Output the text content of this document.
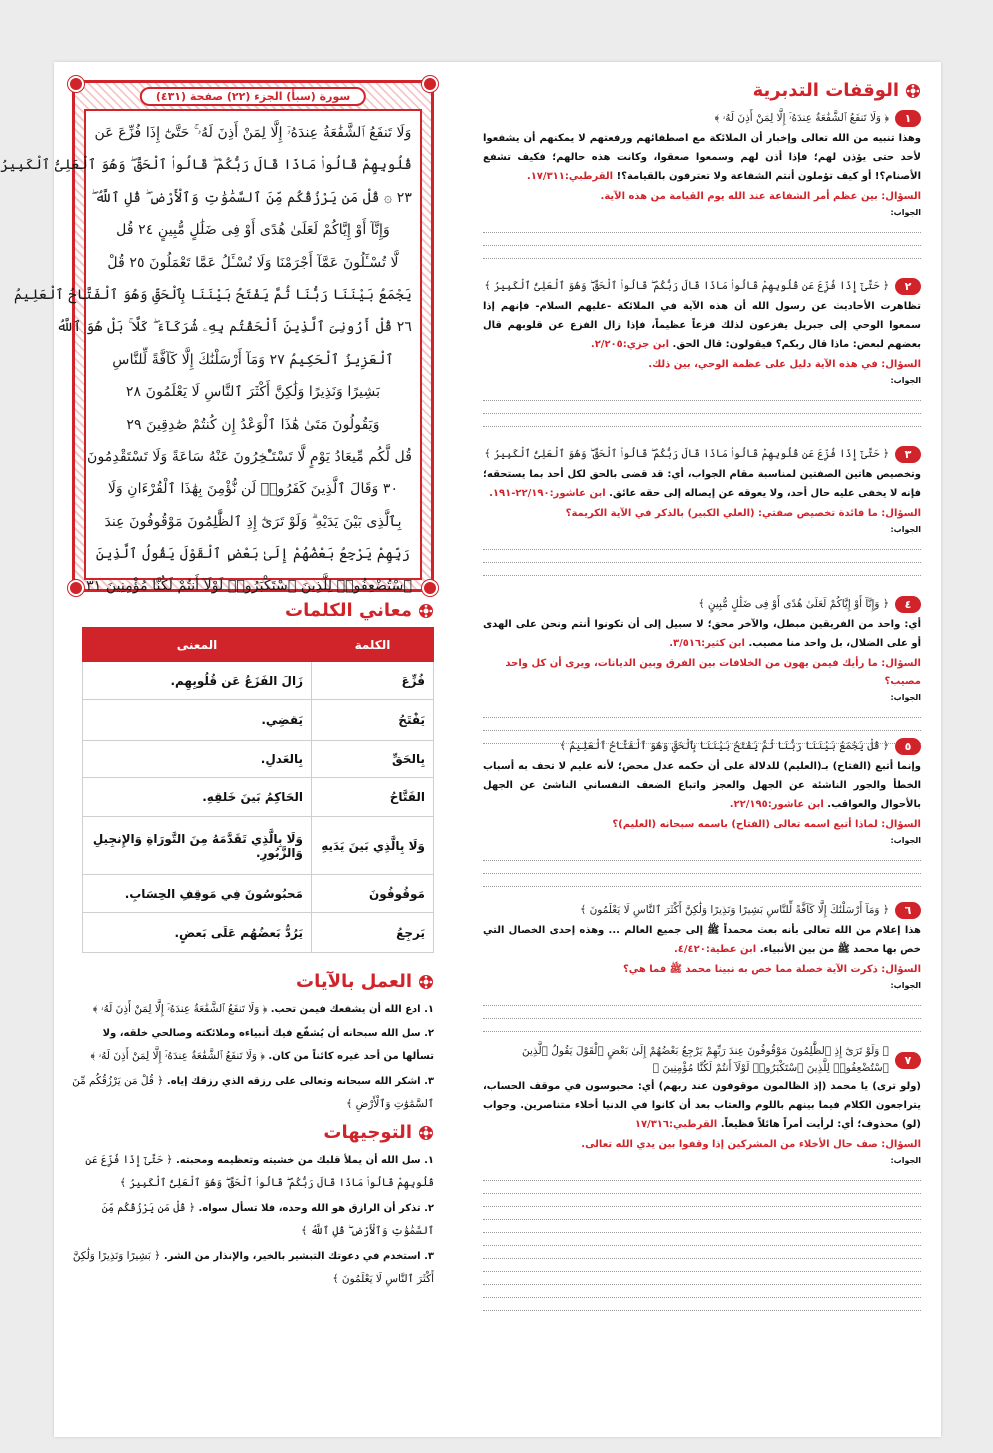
الوقفات التدبرية
١
﴿ وَلَا تَنفَعُ ٱلشَّفَٰعَةُ عِندَهُۥٓ إِلَّا لِمَنْ أَذِنَ لَهُۥ ﴾
وهذا تنبيه من الله تعالى وإخبار أن الملائكة مع اصطفائهم ورفعتهم لا يمكنهم أن يشفعوا لأحد حتى يؤذن لهم؛ فإذا أذن لهم وسمعوا صعقوا، وكانت هذه حالهم؛ فكيف تشفع الأصنام؟! أو كيف تؤملون أنتم الشفاعة ولا تعترفون بالقيامة؟! القرطبي:١٧/٣١١.
السؤال: بين عظم أمر الشفاعة عند الله يوم القيامة من هذه الآية.
الجواب:
٢
﴿ حَتَّىٰٓ إِذَا فُزِّعَ عَن قُلُوبِهِمْ قَالُوا۟ مَاذَا قَالَ رَبُّكُمْ ۖ قَالُوا۟ ٱلْحَقَّ ۖ وَهُوَ ٱلْعَلِىُّ ٱلْكَبِيرُ ﴾
تظاهرت الأحاديث عن رسول الله أن هذه الآية في الملائكة -عليهم السلام- فإنهم إذا سمعوا الوحي إلى جبريل يفزعون لذلك فزعاً عظيماً، فإذا زال الفزع عن قلوبهم قال بعضهم لبعض: ماذا قال ربكم؟ فيقولون: قال الحق. ابن جزي:٢/٢٠٥.
السؤال: في هذه الآية دليل على عظمة الوحي، بين ذلك.
الجواب:
٣
﴿ حَتَّىٰٓ إِذَا فُزِّعَ عَن قُلُوبِهِمْ قَالُوا۟ مَاذَا قَالَ رَبُّكُمْ ۖ قَالُوا۟ ٱلْحَقَّ ۖ وَهُوَ ٱلْعَلِىُّ ٱلْكَبِيرُ ﴾
وتخصيص هاتين الصفتين لمناسبة مقام الجواب، أي: قد قضى بالحق لكل أحد بما يستحقه؛ فإنه لا يخفى عليه حال أحد، ولا يعوقه عن إيصاله إلى حقه عائق. ابن عاشور:٢٢/١٩٠-١٩١.
السؤال: ما فائدة تخصيص صفتي: (العلي الكبير) بالذكر في الآية الكريمة؟
الجواب:
٤
﴿ وَإِنَّآ أَوْ إِيَّاكُمْ لَعَلَىٰ هُدًى أَوْ فِى ضَلَٰلٍ مُّبِينٍ ﴾
أي: واحد من الفريقين مبطل، والآخر محق؛ لا سبيل إلى أن تكونوا أنتم ونحن على الهدى أو على الضلال، بل واحد منا مصيب. ابن كثير:٣/٥١٦.
السؤال: ما رأيك فيمن يهون من الخلافات بين الفرق وبين الديانات، ويرى أن كل واحد مصيب؟
الجواب:
٥
﴿ قُلْ يَجْمَعُ بَيْنَنَا رَبُّنَا ثُمَّ يَفْتَحُ بَيْنَنَا بِٱلْحَقِّ وَهُوَ ٱلْفَتَّاحُ ٱلْعَلِيمُ ﴾
وإنما أتبع (الفتاح) بـ(العليم) للدلالة على أن حكمه عدل محض؛ لأنه عليم لا تحف به أسباب الخطأ والجور الناشئة عن الجهل والعجز واتباع الضعف النفساني الناشئ عن الجهل بالأحوال والعواقب. ابن عاشور:٢٢/١٩٥.
السؤال: لماذا أتبع اسمه تعالى (الفتاح) باسمه سبحانه (العليم)؟
الجواب:
٦
﴿ وَمَآ أَرْسَلْنَٰكَ إِلَّا كَآفَّةً لِّلنَّاسِ بَشِيرًا وَنَذِيرًا وَلَٰكِنَّ أَكْثَرَ ٱلنَّاسِ لَا يَعْلَمُونَ ﴾
هذا إعلام من الله تعالى بأنه بعث محمداً ﷺ إلى جميع العالم ... وهذه إحدى الخصال التي خص بها محمد ﷺ من بين الأنبياء. ابن عطية:٤/٤٢٠.
السؤال: ذكرت الآية خصلة مما خص به نبينا محمد ﷺ فما هي؟
الجواب:
٧
﴿ وَلَوْ تَرَىٰٓ إِذِ ٱلظَّٰلِمُونَ مَوْقُوفُونَ عِندَ رَبِّهِمْ يَرْجِعُ بَعْضُهُمْ إِلَىٰ بَعْضٍ ٱلْقَوْلَ يَقُولُ ٱلَّذِينَ ٱسْتُضْعِفُوا۟ لِلَّذِينَ ٱسْتَكْبَرُوا۟ لَوْلَآ أَنتُمْ لَكُنَّا مُؤْمِنِينَ ﴾
(ولو ترى) يا محمد (إذ الظالمون موقوفون عند ربهم) أي: محبوسون في موقف الحساب، يتراجعون الكلام فيما بينهم باللوم والعتاب بعد أن كانوا في الدنيا أخلاء متناصرين. وجواب (لو) محذوف؛ أي: لرأيت أمراً هائلاً فظيعاً. القرطبي:١٧/٣١٦
السؤال: صف حال الأخلاء من المشركين إذا وقفوا بين يدي الله تعالى.
الجواب:
سورة (سبأ) الجزء (٢٢) صفحة (٤٣١)
وَلَا تَنفَعُ ٱلشَّفَٰعَةُ عِندَهُۥٓ إِلَّا لِمَنْ أَذِنَ لَهُۥ ۚ حَتَّىٰٓ إِذَا فُزِّعَ عَن
قُلُوبِهِمْ قَالُوا۟ مَاذَا قَالَ رَبُّكُمْ ۖ قَالُوا۟ ٱلْحَقَّ ۖ وَهُوَ ٱلْعَلِىُّ ٱلْكَبِيرُ
٢٣ ۞ قُلْ مَن يَرْزُقُكُم مِّنَ ٱلسَّمَٰوَٰتِ وَٱلْأَرْضِ ۖ قُلِ ٱللَّهُ ۖ
وَإِنَّآ أَوْ إِيَّاكُمْ لَعَلَىٰ هُدًى أَوْ فِى ضَلَٰلٍ مُّبِينٍ ٢٤ قُل
لَّا تُسْـَٔلُونَ عَمَّآ أَجْرَمْنَا وَلَا نُسْـَٔلُ عَمَّا تَعْمَلُونَ ٢٥ قُلْ
يَجْمَعُ بَيْنَنَا رَبُّنَا ثُمَّ يَفْتَحُ بَيْنَنَا بِٱلْحَقِّ وَهُوَ ٱلْفَتَّاحُ ٱلْعَلِيمُ
٢٦ قُلْ أَرُونِىَ ٱلَّذِينَ أَلْحَقْتُم بِهِۦ شُرَكَآءَ ۖ كَلَّا ۚ بَلْ هُوَ ٱللَّهُ
ٱلْعَزِيزُ ٱلْحَكِيمُ ٢٧ وَمَآ أَرْسَلْنَٰكَ إِلَّا كَآفَّةً لِّلنَّاسِ
بَشِيرًا وَنَذِيرًا وَلَٰكِنَّ أَكْثَرَ ٱلنَّاسِ لَا يَعْلَمُونَ ٢٨
وَيَقُولُونَ مَتَىٰ هَٰذَا ٱلْوَعْدُ إِن كُنتُمْ صَٰدِقِينَ ٢٩
قُل لَّكُم مِّيعَادُ يَوْمٍ لَّا تَسْتَـْٔخِرُونَ عَنْهُ سَاعَةً وَلَا تَسْتَقْدِمُونَ
٣٠ وَقَالَ ٱلَّذِينَ كَفَرُوا۟ لَن نُّؤْمِنَ بِهَٰذَا ٱلْقُرْءَانِ وَلَا
بِٱلَّذِى بَيْنَ يَدَيْهِ ۗ وَلَوْ تَرَىٰٓ إِذِ ٱلظَّٰلِمُونَ مَوْقُوفُونَ عِندَ
رَبِّهِمْ يَرْجِعُ بَعْضُهُمْ إِلَىٰ بَعْضٍ ٱلْقَوْلَ يَقُولُ ٱلَّذِينَ
ٱسْتُضْعِفُوا۟ لِلَّذِينَ ٱسْتَكْبَرُوا۟ لَوْلَآ أَنتُمْ لَكُنَّا مُؤْمِنِينَ ٣١
معاني الكلمات
الكلمة	المعنى
فُزِّعَ	زَالَ الفَزَعُ عَن قُلُوبِهِم.
يَفْتَحُ	يَقضِي.
بِالحَقِّ	بِالعَدلِ.
الفَتَّاحُ	الحَاكِمُ بَينَ خَلقِهِ.
وَلَا بِالَّذِي بَينَ يَدَيهِ	وَلَا بِالَّذِي تَقَدَّمَهُ مِنَ التَّورَاةِ وَالإِنجِيلِ وَالزَّبُورِ.
مَوقُوفُونَ	مَحبُوسُونَ فِي مَوقِفِ الحِسَابِ.
يَرجِعُ	يَرُدُّ بَعضُهُم عَلَى بَعضٍ.
العمل بالآيات
١. ادع الله أن يشفعك فيمن تحب. ﴿ وَلَا تَنفَعُ ٱلشَّفَٰعَةُ عِندَهُۥٓ إِلَّا لِمَنْ أَذِنَ لَهُۥ ﴾
٢. سل الله سبحانه أن يُشفّع فيك أنبياءه وملائكته وصالحي خلقه، ولا تسألها من أحد غيره كائناً من كان. ﴿ وَلَا تَنفَعُ ٱلشَّفَٰعَةُ عِندَهُۥٓ إِلَّا لِمَنْ أَذِنَ لَهُۥ ﴾
٣. اشكر الله سبحانه وتعالى على رزقه الذي رزقك إياه. ﴿ قُلْ مَن يَرْزُقُكُم مِّنَ ٱلسَّمَٰوَٰتِ وَٱلْأَرْضِ ﴾
التوجيهات
١. سل الله أن يملأ قلبك من خشيته وتعظيمه ومحبته. ﴿ حَتَّىٰٓ إِذَا فُزِّعَ عَن قُلُوبِهِمْ قَالُوا۟ مَاذَا قَالَ رَبُّكُمْ ۖ قَالُوا۟ ٱلْحَقَّ ۖ وَهُوَ ٱلْعَلِىُّ ٱلْكَبِيرُ ﴾
٢. تذكر أن الرازق هو الله وحده، فلا تسأل سواه. ﴿ قُلْ مَن يَرْزُقُكُم مِّنَ ٱلسَّمَٰوَٰتِ وَٱلْأَرْضِ ۖ قُلِ ٱللَّهُ ﴾
٣. استخدم في دعوتك التبشير بالخير، والإنذار من الشر. ﴿ بَشِيرًا وَنَذِيرًا وَلَٰكِنَّ أَكْثَرَ ٱلنَّاسِ لَا يَعْلَمُونَ ﴾
